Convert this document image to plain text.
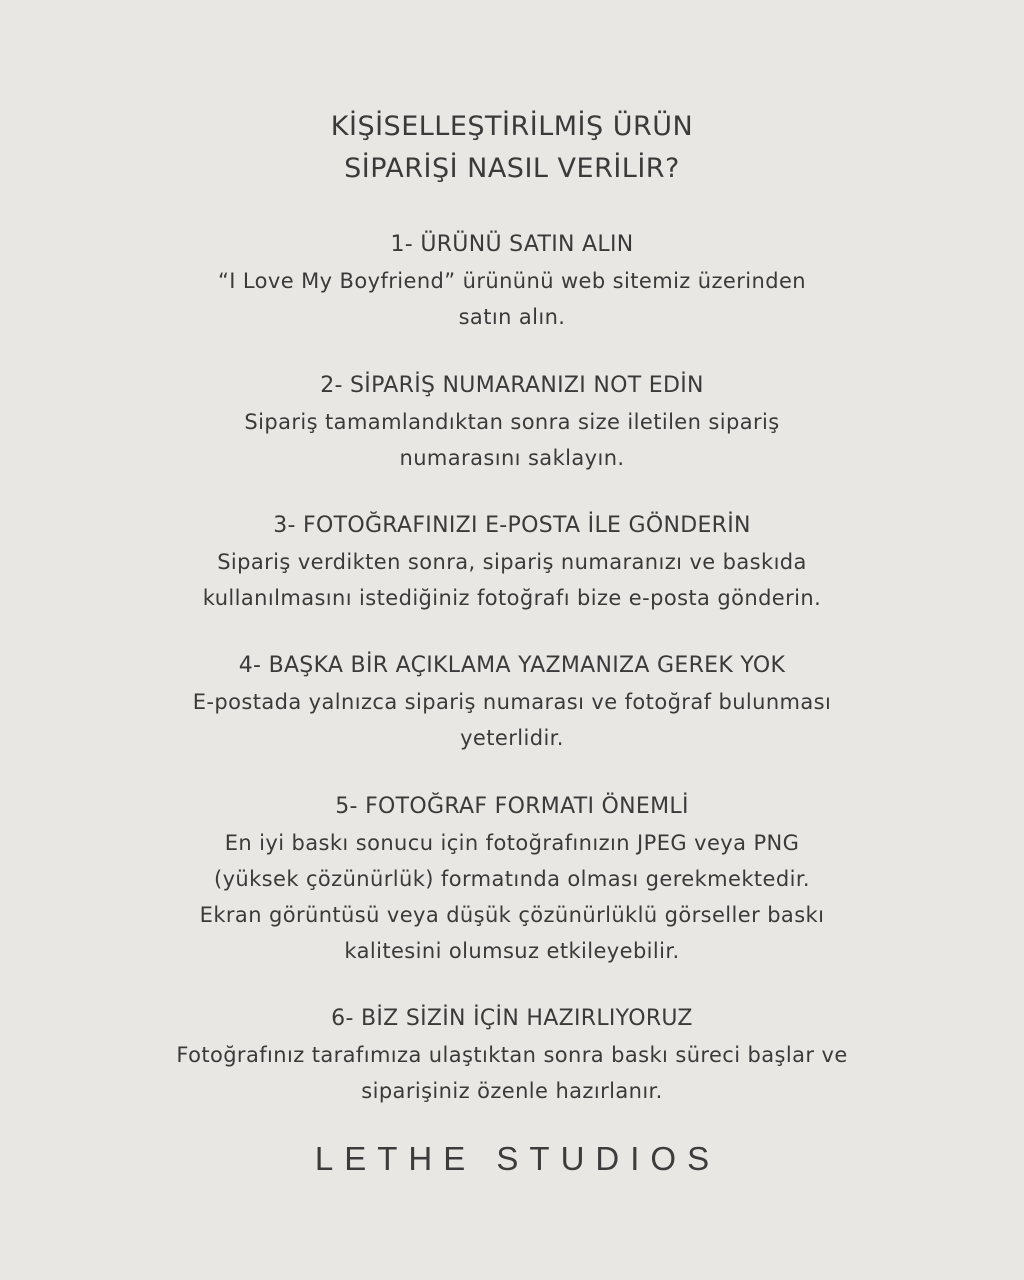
KİŞİSELLEŞTİRİLMİŞ ÜRÜN
SİPARİŞİ NASIL VERİLİR?
1- ÜRÜNÜ SATIN ALIN
“I Love My Boyfriend” ürününü web sitemiz üzerinden
satın alın.
2- SİPARİŞ NUMARANIZI NOT EDİN
Sipariş tamamlandıktan sonra size iletilen sipariş
numarasını saklayın.
3- FOTOĞRAFINIZI E-POSTA İLE GÖNDERİN
Sipariş verdikten sonra, sipariş numaranızı ve baskıda
kullanılmasını istediğiniz fotoğrafı bize e-posta gönderin.
4- BAŞKA BİR AÇIKLAMA YAZMANIZA GEREK YOK
E-postada yalnızca sipariş numarası ve fotoğraf bulunması
yeterlidir.
5- FOTOĞRAF FORMATI ÖNEMLİ
En iyi baskı sonucu için fotoğrafınızın JPEG veya PNG
(yüksek çözünürlük) formatında olması gerekmektedir.
Ekran görüntüsü veya düşük çözünürlüklü görseller baskı
kalitesini olumsuz etkileyebilir.
6- BİZ SİZİN İÇİN HAZIRLIYORUZ
Fotoğrafınız tarafımıza ulaştıktan sonra baskı süreci başlar ve
siparişiniz özenle hazırlanır.
LETHE STUDIOS
